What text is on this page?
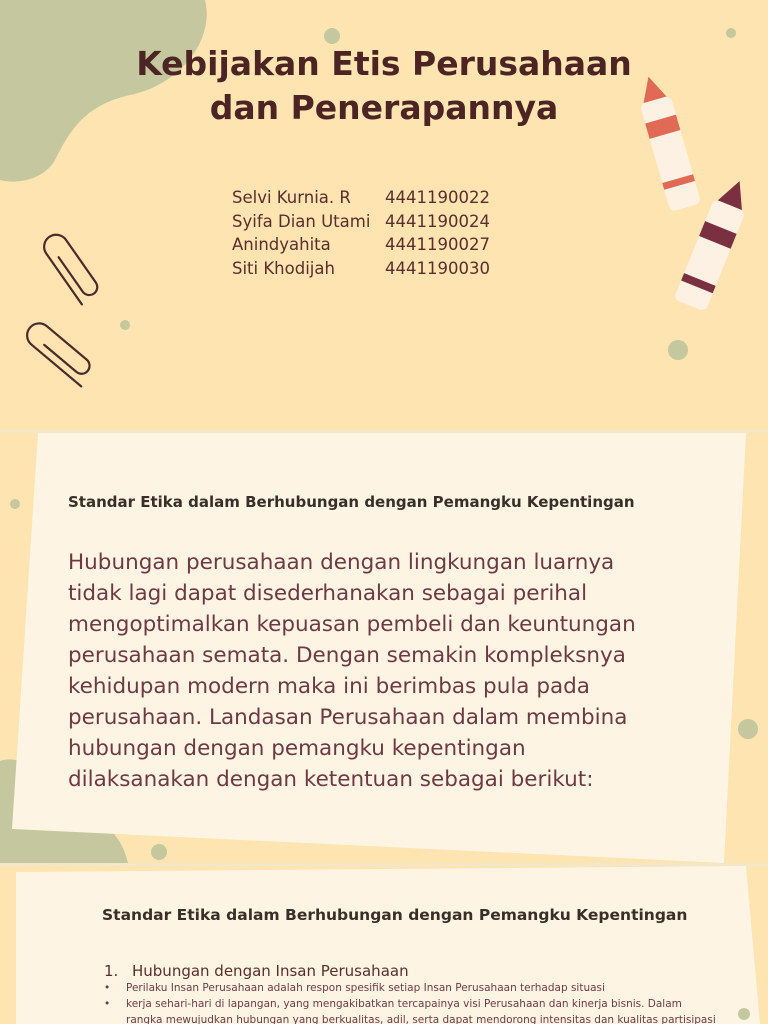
Kebijakan Etis Perusahaan
dan Penerapannya
Selvi Kurnia. R	4441190022
Syifa Dian Utami 4441190024
Anindyahita	4441190027
Siti Khodijah	4441190030
Standar Etika dalam Berhubungan dengan Pemangku Kepentingan
Hubungan perusahaan dengan lingkungan luarnya
tidak lagi dapat disederhanakan sebagai perihal
mengoptimalkan kepuasan pembeli dan keuntungan
perusahaan semata. Dengan semakin kompleksnya
kehidupan modern maka ini berimbas pula pada
perusahaan. Landasan Perusahaan dalam membina
hubungan dengan pemangku kepentingan
dilaksanakan dengan ketentuan sebagai berikut:
Standar Etika dalam Berhubungan dengan Pemangku Kepentingan
1. Hubungan dengan Insan Perusahaan
• Perilaku Insan Perusahaan adalah respon spesifik setiap Insan Perusahaan terhadap situasi
• kerja sehari-hari di lapangan, yang mengakibatkan tercapainya visi Perusahaan dan kinerja bisnis. Dalam
rangka mewujudkan hubungan yang berkualitas, adil, serta dapat mendorong intensitas dan kualitas partisipasi
